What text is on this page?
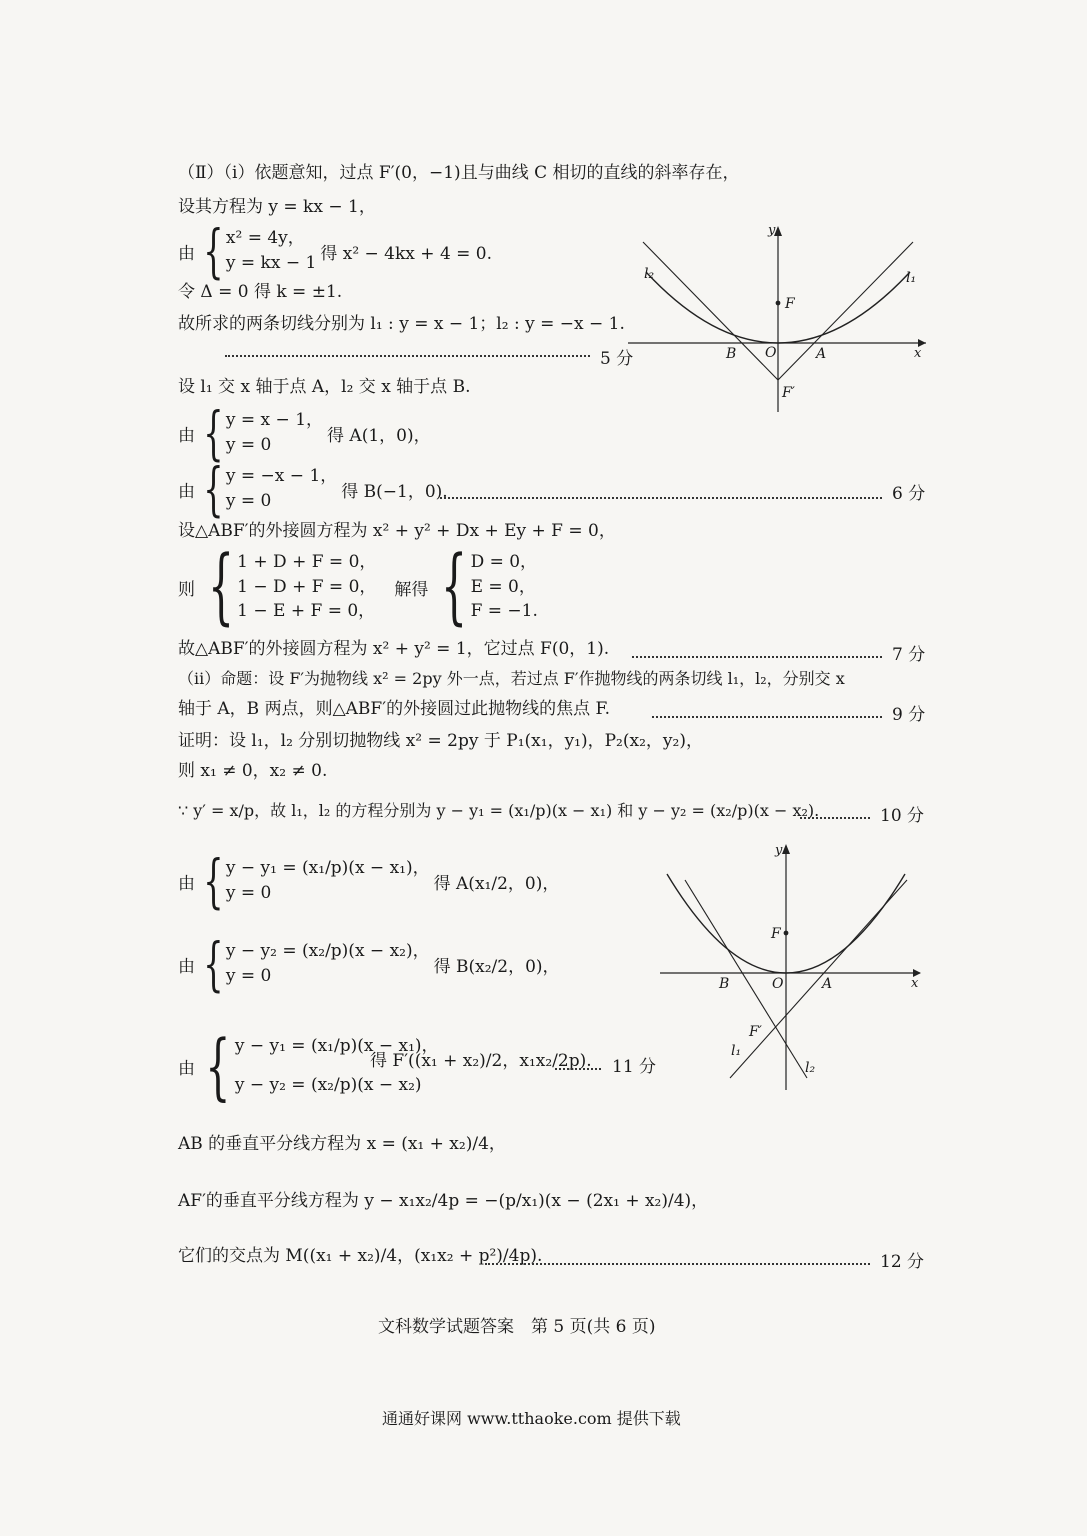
（Ⅱ）（ⅰ）依题意知，过点 F′(0，−1)且与曲线 C 相切的直线的斜率存在，
设其方程为 y = kx − 1，
由 { x² = 4y，
y = kx − 1 得 x² − 4kx + 4 = 0.
令 Δ = 0 得 k = ±1.
故所求的两条切线分别为 l₁ : y = x − 1；l₂ : y = −x − 1.
5 分
设 l₁ 交 x 轴于点 A，l₂ 交 x 轴于点 B.
由 { y = x − 1，
y = 0	得 A(1，0)，
由 { y = −x − 1，
y = 0	得 B(−1，0).	6 分
设△ABF′的外接圆方程为 x² + y² + Dx + Ey + F = 0，
则 { 1 + D + F = 0，
1 − D + F = 0，
1 − E + F = 0，
解得 { D = 0，
E = 0，
F = −1.
故△ABF′的外接圆方程为 x² + y² = 1，它过点 F(0，1).	7 分
（ⅱ）命题：设 F′为抛物线 x² = 2py 外一点，若过点 F′作抛物线的两条切线 l₁，l₂，分别交 x
轴于 A，B 两点，则△ABF′的外接圆过此抛物线的焦点 F.	9 分
证明：设 l₁，l₂ 分别切抛物线 x² = 2py 于 P₁(x₁，y₁)，P₂(x₂，y₂)，
则 x₁ ≠ 0，x₂ ≠ 0.
∵ y′ = x/p，故 l₁，l₂ 的方程分别为 y − y₁ = (x₁/p)(x − x₁) 和 y − y₂ = (x₂/p)(x − x₂).	10 分
由 { y − y₁ = (x₁/p)(x − x₁)，
y = 0	得 A(x₁/2，0)，
由 { y − y₂ = (x₂/p)(x − x₂)，
y = 0	得 B(x₂/2，0)，
由 { y − y₁ = (x₁/p)(x − x₁)，
y − y₂ = (x₂/p)(x − x₂)
得 F′((x₁ + x₂)/2，x₁x₂/2p). 11 分
AB 的垂直平分线方程为 x = (x₁ + x₂)/4，
AF′的垂直平分线方程为 y − x₁x₂/4p = −(p/x₁)(x − (2x₁ + x₂)/4)，
它们的交点为 M((x₁ + x₂)/4，(x₁x₂ + p²)/4p).	12 分
y
x
O
F
F′
A
B
l₁
l₂
y
x
O
F
F′
A
B
l₁
l₂
文科数学试题答案　第 5 页(共 6 页)
通通好课网 www.tthaoke.com 提供下载
